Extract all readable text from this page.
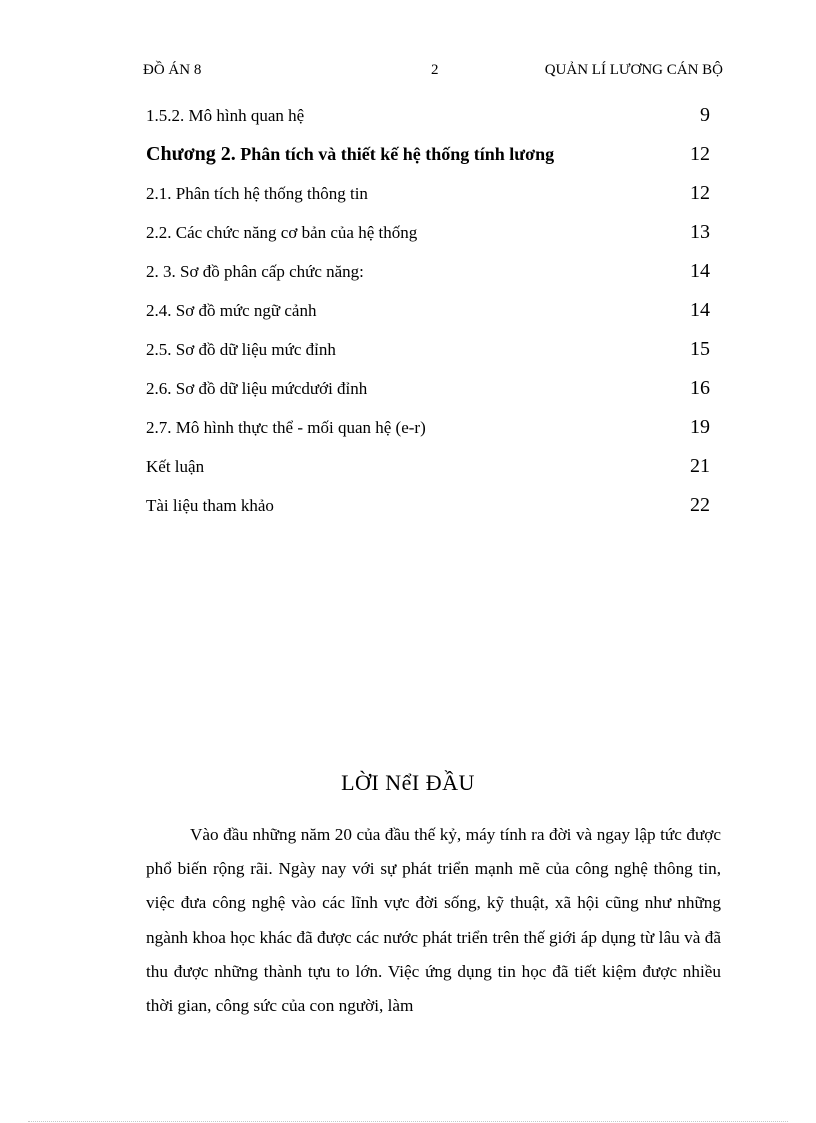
ĐỒ ÁN 8	2	QUẢN LÍ LƯƠNG CÁN BỘ
1.5.2. Mô hình quan hệ	9
Chương 2. Phân tích và thiết kế hệ thống tính lương	12
2.1. Phân tích hệ thống thông tin	12
2.2. Các chức năng cơ bản của hệ thống	13
2. 3. Sơ đồ phân cấp chức năng:	14
2.4. Sơ đồ mức ngữ cảnh	14
2.5. Sơ đồ dữ liệu mức đỉnh	15
2.6. Sơ đồ dữ liệu mứcdưới đỉnh	16
2.7. Mô hình thực thể - mối quan hệ (e-r)	19
Kết luận	21
Tài liệu tham khảo	22
LỜI NểI ĐẦU

Vào đầu những năm 20 của đầu thế kỷ, máy tính ra đời và ngay lập tức được phổ biến rộng rãi. Ngày nay với sự phát triển mạnh mẽ của công nghệ thông tin, việc đưa công nghệ vào các lĩnh vực đời sống, kỹ thuật, xã hội cũng như những ngành khoa học khác đã được các nước phát triển trên thế giới áp dụng từ lâu và đã thu được những thành tựu to lớn. Việc ứng dụng tin học đã tiết kiệm được nhiều thời gian, công sức của con người, làm
